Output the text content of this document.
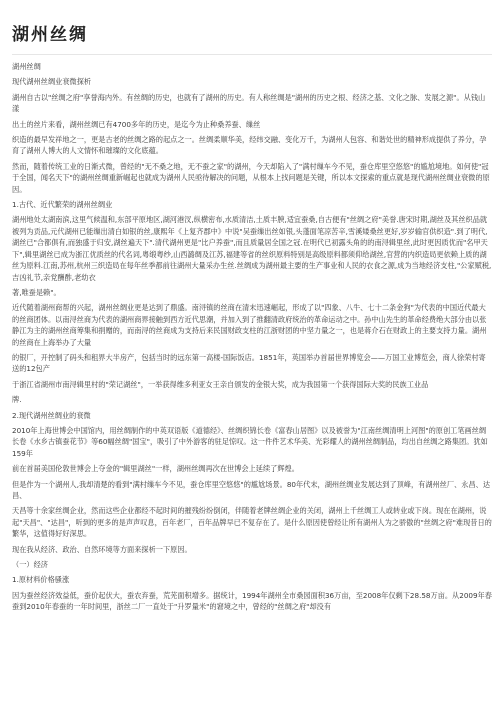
湖州丝绸

湖州丝绸

现代湖州丝绸业衰微探析

湖州自古以"丝绸之府"享誉海内外。有丝绸的历史，也就有了湖州的历史。有人称丝绸是"湖州的历史之根、经济之基、文化之脉、发展之源"。从钱山漾

出土的丝片来看，湖州丝绸已有4700多年的历史，是迄今为止种桑养蚕、缫丝

织造的最早发祥地之一，更是古老的丝绸之路的起点之一。丝绸柔顺华美，经纬交融、变化万千，为湖州人包容、和谐处世的精神形成提供了养分，孕育了湖州人博大的人文情怀和璀璨的文化底蕴。

然而，随着传统工业的日渐式微，曾经的"无不桑之地，无不蚕之家"的湖州，今天却陷入了"满村缫车今不见，蚕仓库里空悠悠"的尴尬境地。如何使"冠于全国，闻名天下"的湖州丝绸重新崛起也就成为湖州人民亟待解决的问题，从根本上找问题是关键，所以本文探索的重点就是现代湖州丝绸业衰微的原因。

1.古代、近代繁荣的湖州丝绸业

湖州地处太湖南滨,这里气候温和,东部平原地区,湖河港汊,纵横密布,水质清洁,土质丰腴,适宜蚕桑,自古便有"丝绸之府"美誉.唐宋时期,湖丝及其丝织品就被列为贡品,元代湖州已能缫出清白如银的丝,康熙年《上复齐郡中》中说"吴蚕缫出丝如银,头蓬面笔凉苦辛,雪溪矮桑丝更好,岁岁输官供织造".到了明代,湖丝已"合都俱有,而独盛于归安,湖丝遍天下".清代湖州更是"比户养蚕",而且质量居全国之冠.在明代已初露头角的的南浔辑里丝,此时更因质优而"名甲天下",辑里湖丝已成为浙江优质丝的代名词,粤缎粤纱,山西潞绸及江苏,福建等省的丝织原料特别是高级原料都须仰给湖丝,官营的内织造局更依赖上质的湖丝为原料.江南,苏州,杭州三织造局在每年丝季都前往湖州大量采办生丝.丝绸成为湖州最主要的生产事业和人民的衣食之源,成为当地经济支柱,"公家赋税,吉凶礼节,亲党酬酢,老幼衣

著,唯蚕是赖"。

近代随着湖州商帮的兴起，湖州丝绸业更是达到了鼎盛。南浔镇的丝商在清末迅速崛起，形成了以"四象、八牛、七十二条金狗"为代表的中国近代最大的丝商团体。以南浔丝商为代表的湖州商界接触到西方近代思潮，并加入到了推翻清政府统治的革命运动之中。孙中山先生的革命经费绝大部分由以张静江为主的湖州丝商筹集和捐赠的，而南浔的丝商成为支持后来民国财政支柱的江浙财团的中坚力量之一，也是蒋介石在财政上的主要支持力量。湖州的丝商在上海举办了大量

的银厂，开控制了码头和租界大半房产，包括当时的远东第一高楼-国际饭店。1851年，英国举办首届世界博览会——万国工业博览会，商人徐荣村寄送的12包产

于浙江省湖州市南浔辑里村的"荣记湖丝"，一举获得维多利亚女王亲自颁发的金银大奖，成为我国第一个获得国际大奖的民族工业品

牌.

2.现代湖州丝绸业的衰微

2010年上海世博会中国馆内，用丝绸制作的中英双语版《道德经》、丝绸织锦长卷《富春山居图》以及被誉为"江南丝绸清明上河图"的原创工笔画丝绸长卷《水乡古镇蚕花节》等60幅丝绸"国宝"，吸引了中外游客的驻足惊叹。这一件件艺术华美、光彩耀人的湖州丝绸制品，均出自丝绸之路集团。犹如159年

前在首届美国伦敦世博会上夺金的"辑里湖丝"一样，湖州丝绸再次在世博会上延续了辉煌。

但是作为一个湖州人,我却清楚的看到"满村缫车今不见，蚕仓库里空悠悠"的尴尬场景。80年代末，湖州丝绸业发展达到了顶峰，有湖州丝厂、永昌、达昌、

天昌等十余家丝绸企业，然而这些企业都经不起时间的摧残纷纷倒闭，伴随着老牌丝绸企业的关闭，湖州上千丝绸工人或转业或下岗。现在在湖州，说起"天昌"、"达昌"，听到的更多的是声声叹息，百年老厂，百年品牌早已不复存在了。是什么原因使曾经让所有湖州人为之骄傲的"丝绸之府"难现昔日的繁华，这值得好好深思。

现在我从经济、政治、自然环境等方面来探析一下原因。

（一）经济

1.原材料价格骚涨

因为蚕丝经济效益低，蚕价起伏大，蚕农弃蚕，荒芜面积增多。据统计，1994年湖州全市桑园面积36万亩，至2008年仅剩下28.58万亩。从2009年春蚕到2010年春蚕的一年时间里，浙丝二厂一直处于"升罗量米"的窘境之中，曾经的"丝绸之府"却没有
